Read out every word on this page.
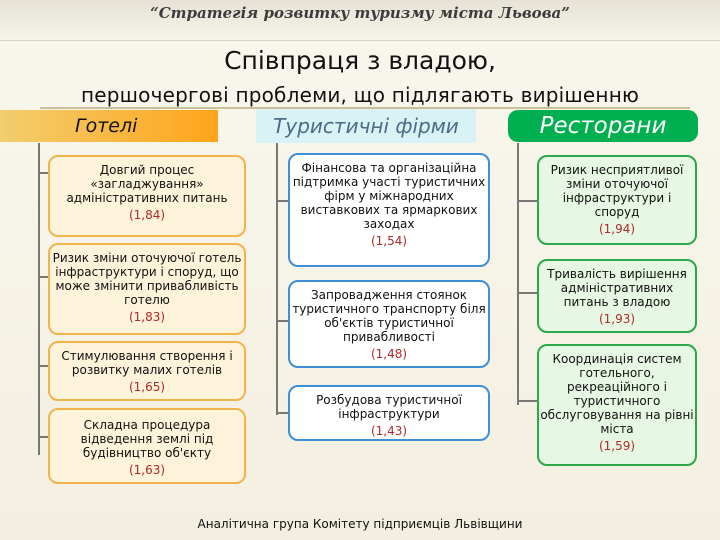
“Стратегія розвитку туризму міста Львова”
Співпраця з владою,
першочергові проблеми, що підлягають вирішенню
Готелі	Туристичні фірми	Ресторани
Довгий процес «загладжування» адміністративних питань
(1,84)
Ризик зміни оточуючої готель інфраструктури і споруд, що може змінити привабливість готелю
(1,83)
Стимулювання створення і розвитку малих готелів
(1,65)
Складна процедура відведення землі під будівництво об'єкту
(1,63)
Фінансова та організаційна підтримка участі туристичних фірм у міжнародних виставкових та ярмаркових заходах
(1,54)
Запровадження стоянок туристичного транспорту біля об'єктів туристичної привабливості
(1,48)
Розбудова туристичної інфраструктури
(1,43)
Ризик несприятливої зміни оточуючої інфраструктури і споруд
(1,94)
Тривалість вирішення адміністративних питань з владою
(1,93)
Координація систем готельного, рекреаційного і туристичного обслуговування на рівні міста
(1,59)
Аналітична група Комітету підприємців Львівщини
